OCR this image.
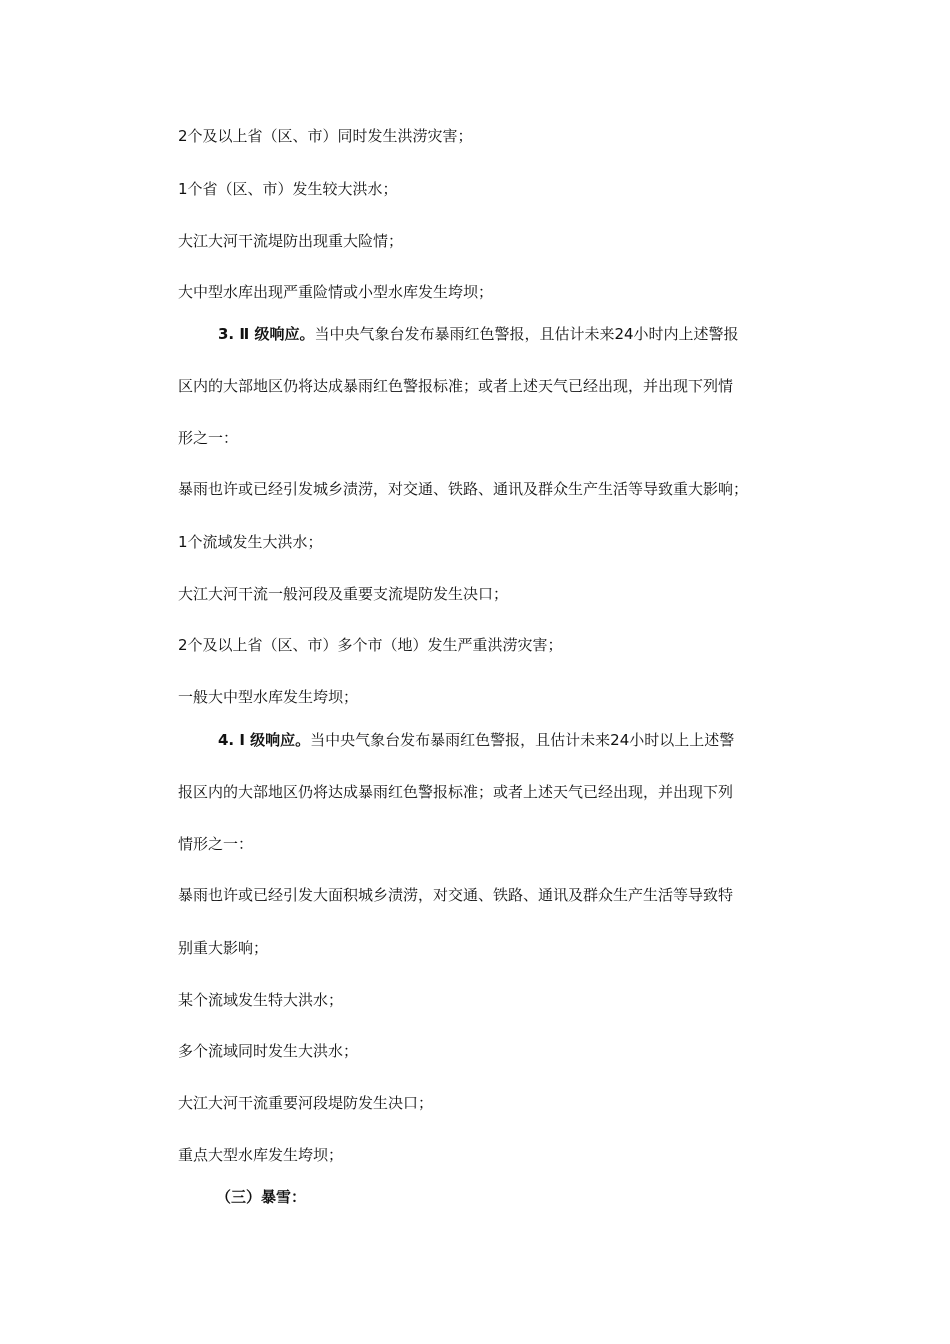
2个及以上省（区、市）同时发生洪涝灾害；
1个省（区、市）发生较大洪水；
大江大河干流堤防出现重大险情；
大中型水库出现严重险情或小型水库发生垮坝；
3. Ⅱ 级响应。当中央气象台发布暴雨红色警报，且估计未来24小时内上述警报
区内的大部地区仍将达成暴雨红色警报标准；或者上述天气已经出现，并出现下列情
形之一：
暴雨也许或已经引发城乡渍涝，对交通、铁路、通讯及群众生产生活等导致重大影响；
1个流域发生大洪水；
大江大河干流一般河段及重要支流堤防发生决口；
2个及以上省（区、市）多个市（地）发生严重洪涝灾害；
一般大中型水库发生垮坝；
4. Ⅰ 级响应。当中央气象台发布暴雨红色警报，且估计未来24小时以上上述警
报区内的大部地区仍将达成暴雨红色警报标准；或者上述天气已经出现，并出现下列
情形之一：
暴雨也许或已经引发大面积城乡渍涝，对交通、铁路、通讯及群众生产生活等导致特
别重大影响；
某个流域发生特大洪水；
多个流域同时发生大洪水；
大江大河干流重要河段堤防发生决口；
重点大型水库发生垮坝；
（三）暴雪：
